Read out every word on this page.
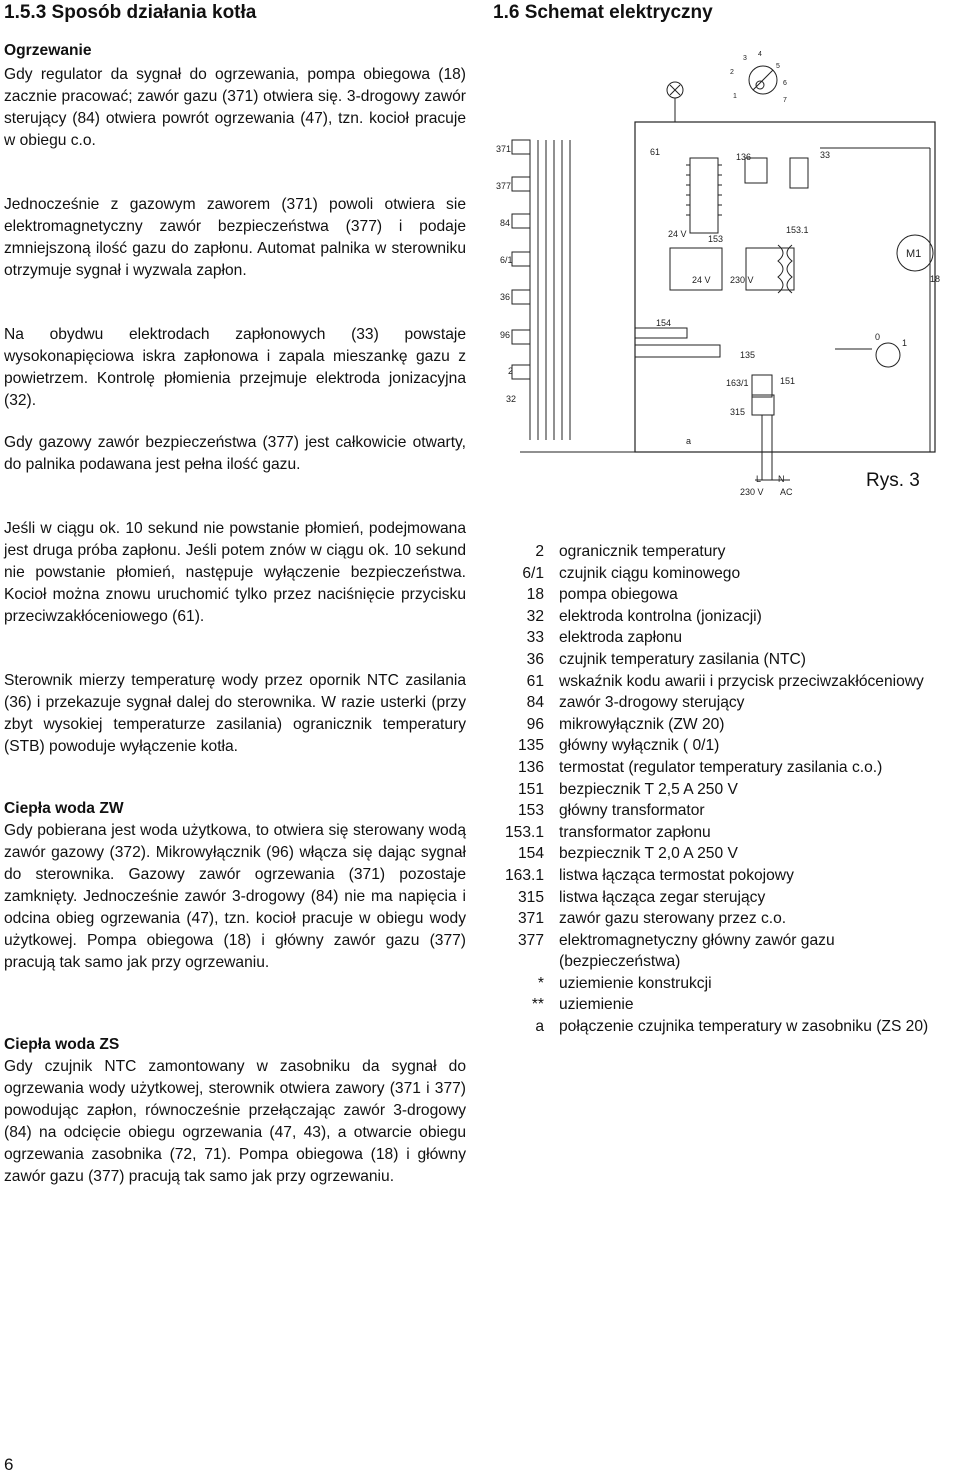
1.5.3 Sposób działania kotła	1.6 Schemat elektryczny
Ogrzewanie

Gdy regulator da sygnał do ogrzewania, pompa obiegowa (18) zacznie pracować; zawór gazu (371) otwiera się. 3-drogowy zawór sterujący (84) otwiera powrót ogrzewania (47), tzn. kocioł pracuje w obiegu c.o.

Jednocześnie z gazowym zaworem (371) powoli otwiera sie elektromagnetyczny zawór bezpieczeństwa (377) i podaje zmniejszoną ilość gazu do zapłonu. Automat palnika w sterowniku otrzymuje sygnał i wyzwala zapłon.

Na obydwu elektrodach zapłonowych (33) powstaje wysokonapięciowa iskra zapłonowa i zapala mieszankę gazu z powietrzem. Kontrolę płomienia przejmuje elektroda jonizacyjna (32).

Gdy gazowy zawór bezpieczeństwa (377) jest całkowicie otwarty, do palnika podawana jest pełna ilość gazu.

Jeśli w ciągu ok. 10 sekund nie powstanie płomień, podejmowana jest druga próba zapłonu. Jeśli potem znów w ciągu ok. 10 sekund nie powstanie płomień, następuje wyłączenie bezpieczeństwa. Kocioł można znowu uruchomić tylko przez naciśnięcie przycisku przeciwzakłóceniowego (61).

Sterownik mierzy temperaturę wody przez opornik NTC zasilania (36) i przekazuje sygnał dalej do sterownika. W razie usterki (przy zbyt wysokiej temperaturze zasilania) ogranicznik temperatury (STB) powoduje wyłączenie kotła.

Ciepła woda ZW

Gdy pobierana jest woda użytkowa, to otwiera się sterowany wodą zawór gazowy (372). Mikrowyłącznik (96) włącza się dając sygnał do sterownika. Gazowy zawór ogrzewania (371) pozostaje zamknięty. Jednocześnie zawór 3-drogowy (84) nie ma napięcia i odcina obieg ogrzewania (47), tzn. kocioł pracuje w obiegu wody użytkowej. Pompa obiegowa (18) i główny zawór gazu (377) pracują tak samo jak przy ogrzewaniu.

Ciepła woda ZS

Gdy czujnik NTC zamontowany w zasobniku da sygnał do ogrzewania wody użytkowej, sterownik otwiera zawory (371 i 377) powodując zapłon, równocześnie przełączając zawór 3-drogowy (84) na odcięcie obiegu ogrzewania (47, 43), a otwarcie obiegu ogrzewania zasobnika (72, 71). Pompa obiegowa (18) i główny zawór gazu (377) pracują tak samo jak przy ogrzewaniu.

1
2
3
4
5
6
7
371
377
84
6/1
36
96
2
32
61	136	33
153
153.1
24 V
24 V 230 V
M1
18
154
135
163/1	151
315
a
L N
230 V AC
0
1
Rys. 3
2 ogranicznik temperatury
6/1 czujnik ciągu kominowego
18 pompa obiegowa
32 elektroda kontrolna (jonizacji)
33 elektroda zapłonu
36 czujnik temperatury zasilania (NTC)
61 wskaźnik kodu awarii i przycisk przeciwzakłóceniowy
84 zawór 3-drogowy sterujący
96 mikrowyłącznik (ZW 20)
135 główny wyłącznik ( 0/1)
136 termostat (regulator temperatury zasilania c.o.)
151 bezpiecznik T 2,5 A 250 V
153 główny transformator
153.1 transformator zapłonu
154 bezpiecznik T 2,0 A 250 V
163.1 listwa łącząca termostat pokojowy
315 listwa łącząca zegar sterujący
371 zawór gazu sterowany przez c.o.
377 elektromagnetyczny główny zawór gazu (bezpieczeństwa)
* uziemienie konstrukcji
** uziemienie
a połączenie czujnika temperatury w zasobniku (ZS 20)
6
